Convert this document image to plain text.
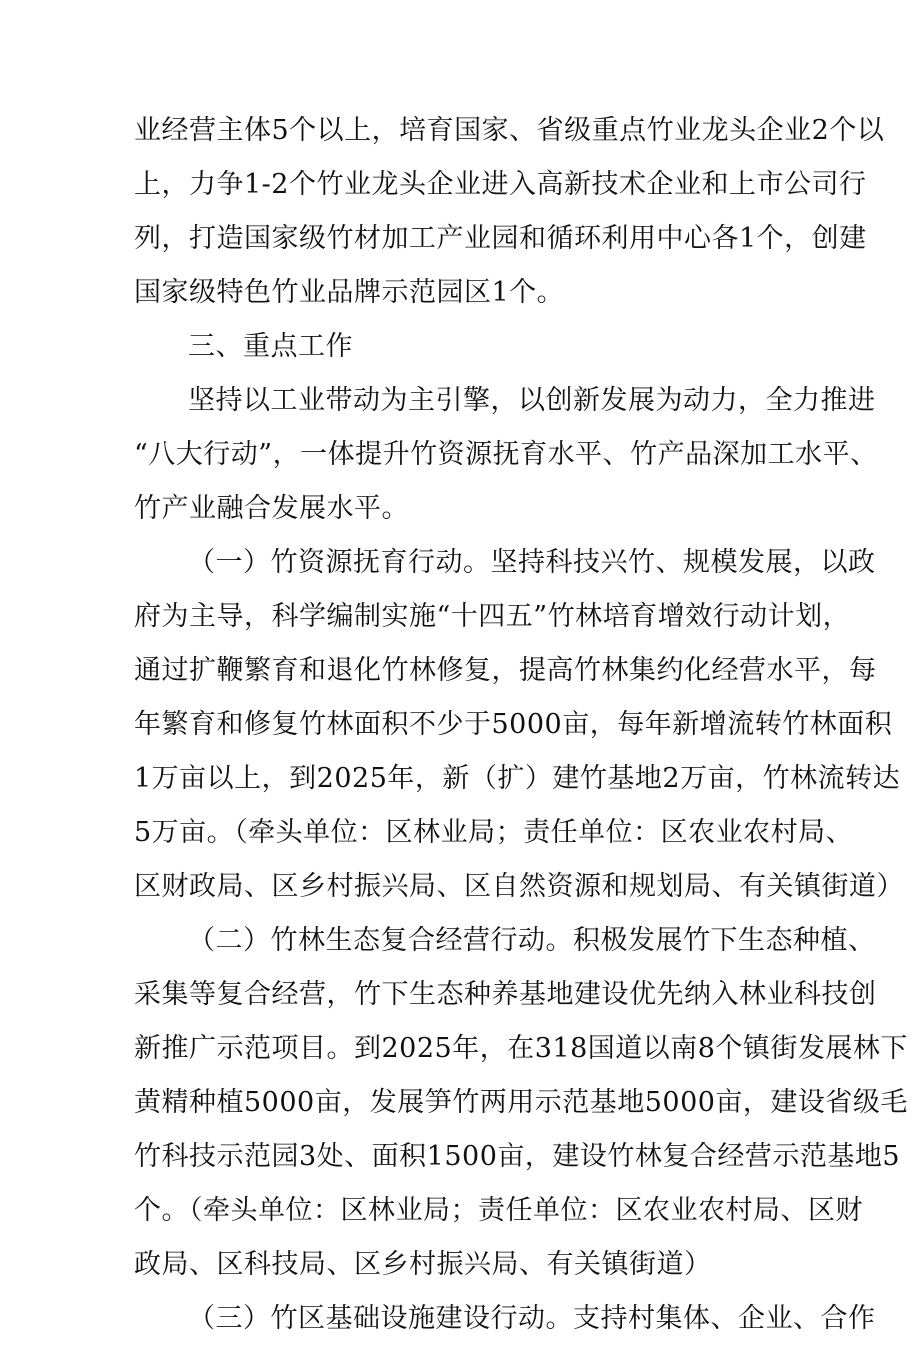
业经营主体5个以上，培育国家、省级重点竹业龙头企业2个以
上，力争1-2个竹业龙头企业进入高新技术企业和上市公司行
列，打造国家级竹材加工产业园和循环利用中心各1个，创建
国家级特色竹业品牌示范园区1个。
三、重点工作
坚持以工业带动为主引擎，以创新发展为动力，全力推进
“八大行动”，一体提升竹资源抚育水平、竹产品深加工水平、
竹产业融合发展水平。
（一）竹资源抚育行动。坚持科技兴竹、规模发展，以政
府为主导，科学编制实施“十四五”竹林培育增效行动计划，
通过扩鞭繁育和退化竹林修复，提高竹林集约化经营水平，每
年繁育和修复竹林面积不少于5000亩，每年新增流转竹林面积
1万亩以上，到2025年，新（扩）建竹基地2万亩，竹林流转达
5万亩。（牵头单位：区林业局；责任单位：区农业农村局、
区财政局、区乡村振兴局、区自然资源和规划局、有关镇街道）
（二）竹林生态复合经营行动。积极发展竹下生态种植、
采集等复合经营，竹下生态种养基地建设优先纳入林业科技创
新推广示范项目。到2025年，在318国道以南8个镇街发展林下
黄精种植5000亩，发展笋竹两用示范基地5000亩，建设省级毛
竹科技示范园3处、面积1500亩，建设竹林复合经营示范基地5
个。（牵头单位：区林业局；责任单位：区农业农村局、区财
政局、区科技局、区乡村振兴局、有关镇街道）
（三）竹区基础设施建设行动。支持村集体、企业、合作
